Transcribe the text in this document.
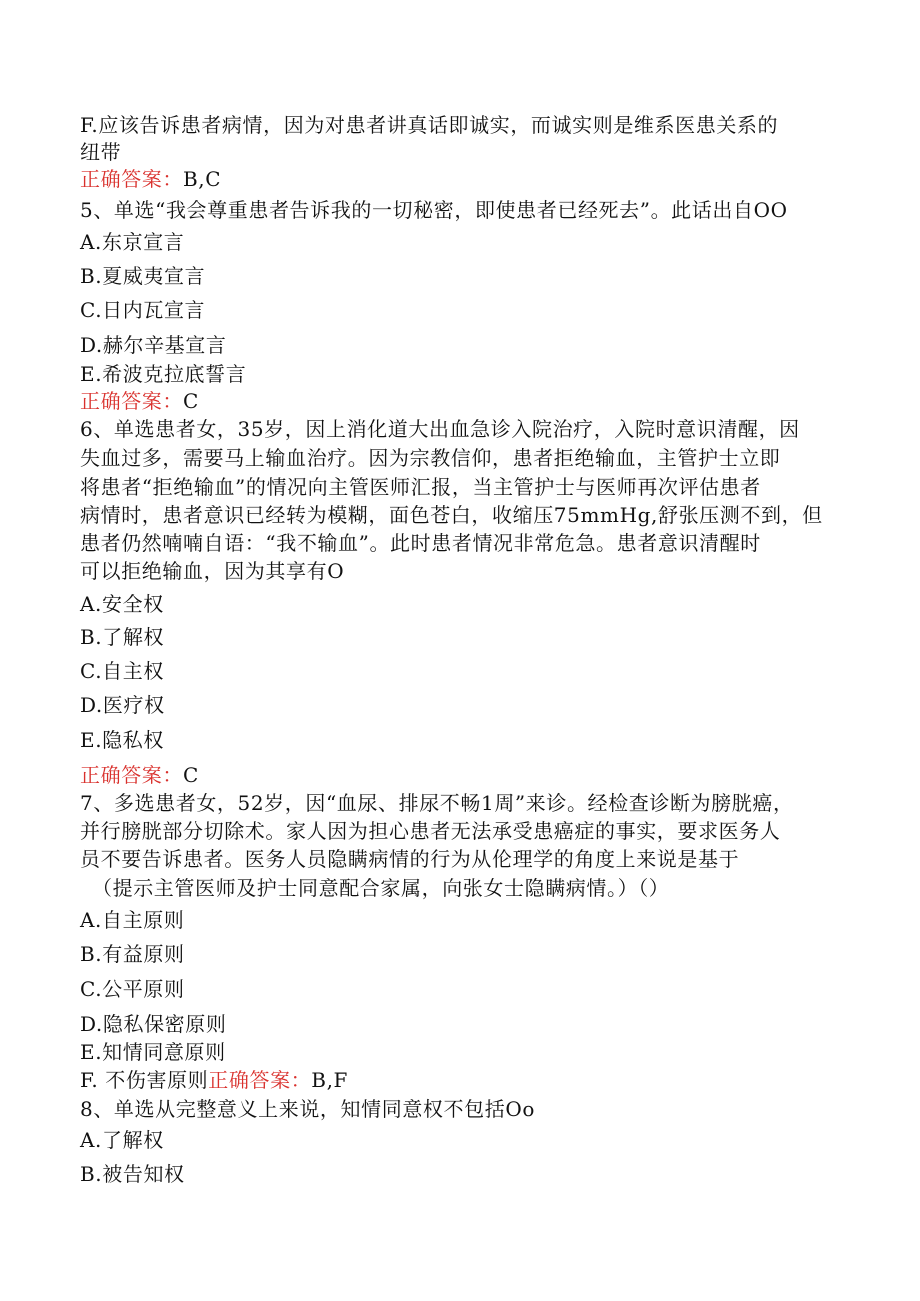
F.应该告诉患者病情，因为对患者讲真话即诚实，而诚实则是维系医患关系的
纽带
正确答案：B,C
5、单选“我会尊重患者告诉我的一切秘密，即使患者已经死去”。此话出自OO
A.东京宣言
B.夏威夷宣言
C.日内瓦宣言
D.赫尔辛基宣言
E.希波克拉底誓言
正确答案：C
6、单选患者女，35岁，因上消化道大出血急诊入院治疗，入院时意识清醒，因
失血过多，需要马上输血治疗。因为宗教信仰，患者拒绝输血，主管护士立即
将患者“拒绝输血”的情况向主管医师汇报，当主管护士与医师再次评估患者
病情时，患者意识已经转为模糊，面色苍白，收缩压75mmHg,舒张压测不到，但
患者仍然喃喃自语：“我不输血”。此时患者情况非常危急。患者意识清醒时
可以拒绝输血，因为其享有O
A.安全权
B.了解权
C.自主权
D.医疗权
E.隐私权
正确答案：C
7、多选患者女，52岁，因“血尿、排尿不畅1周”来诊。经检查诊断为膀胱癌，
并行膀胱部分切除术。家人因为担心患者无法承受患癌症的事实，要求医务人
员不要告诉患者。医务人员隐瞒病情的行为从伦理学的角度上来说是基于
（提示主管医师及护士同意配合家属，向张女士隐瞒病情。）（）
A.自主原则
B.有益原则
C.公平原则
D.隐私保密原则
E.知情同意原则
F. 不伤害原则正确答案：B,F
8、单选从完整意义上来说，知情同意权不包括Oo
A.了解权
B.被告知权
